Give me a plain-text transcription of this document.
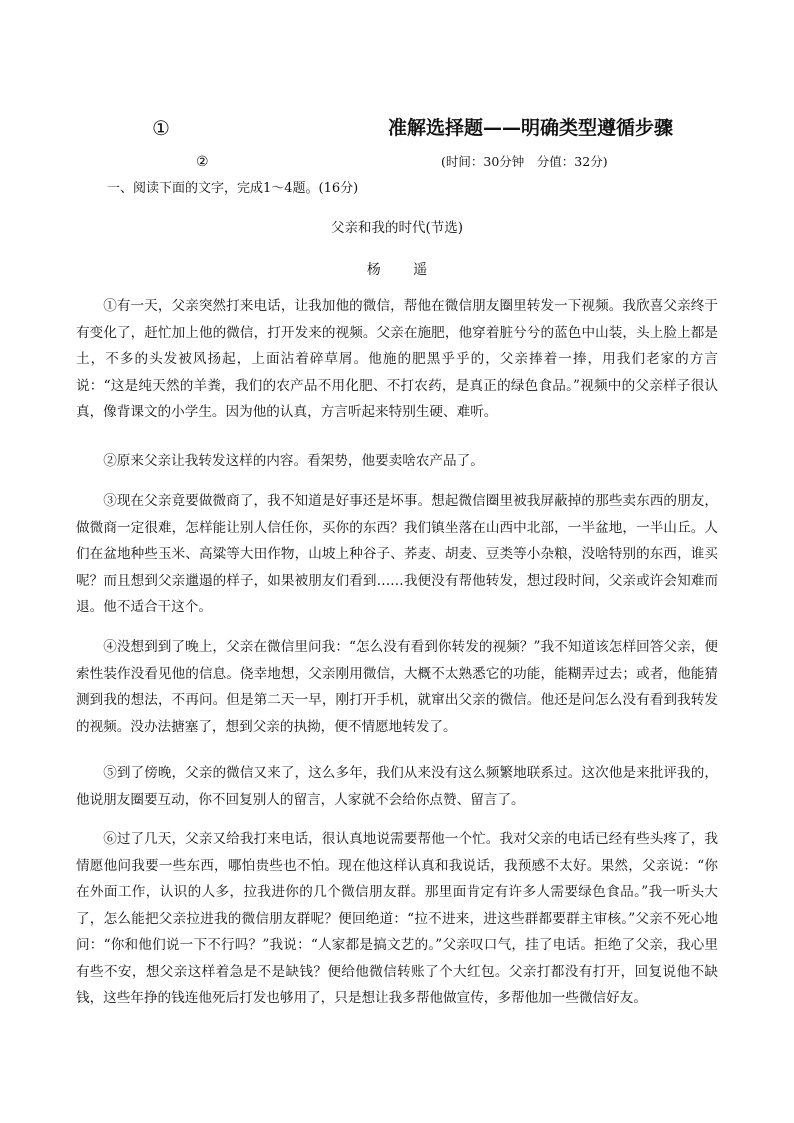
①	准解选择题——明确类型遵循步骤
②	(时间：30分钟　分值：32分)
一、阅读下面的文字，完成1～4题。(16分)
父亲和我的时代(节选)
杨 遥

①有一天，父亲突然打来电话，让我加他的微信，帮他在微信朋友圈里转发一下视频。我欣喜父亲终于有变化了，赶忙加上他的微信，打开发来的视频。父亲在施肥，他穿着脏兮兮的蓝色中山装，头上脸上都是土，不多的头发被风扬起，上面沾着碎草屑。他施的肥黑乎乎的，父亲捧着一捧，用我们老家的方言说：“这是纯天然的羊粪，我们的农产品不用化肥、不打农药，是真正的绿色食品。”视频中的父亲样子很认真，像背课文的小学生。因为他的认真，方言听起来特别生硬、难听。

②原来父亲让我转发这样的内容。看架势，他要卖啥农产品了。

③现在父亲竟要做微商了，我不知道是好事还是坏事。想起微信圈里被我屏蔽掉的那些卖东西的朋友，做微商一定很难，怎样能让别人信任你，买你的东西？我们镇坐落在山西中北部，一半盆地，一半山丘。人们在盆地种些玉米、高粱等大田作物，山坡上种谷子、荞麦、胡麦、豆类等小杂粮，没啥特别的东西，谁买呢？而且想到父亲邋遢的样子，如果被朋友们看到……我便没有帮他转发，想过段时间，父亲或许会知难而退。他不适合干这个。

④没想到到了晚上，父亲在微信里问我：“怎么没有看到你转发的视频？”我不知道该怎样回答父亲，便索性装作没看见他的信息。侥幸地想，父亲刚用微信，大概不太熟悉它的功能，能糊弄过去；或者，他能猜测到我的想法，不再问。但是第二天一早，刚打开手机，就窜出父亲的微信。他还是问怎么没有看到我转发的视频。没办法搪塞了，想到父亲的执拗，便不情愿地转发了。

⑤到了傍晚，父亲的微信又来了，这么多年，我们从来没有这么频繁地联系过。这次他是来批评我的，他说朋友圈要互动，你不回复别人的留言，人家就不会给你点赞、留言了。

⑥过了几天，父亲又给我打来电话，很认真地说需要帮他一个忙。我对父亲的电话已经有些头疼了，我情愿他问我要一些东西，哪怕贵些也不怕。现在他这样认真和我说话，我预感不太好。果然，父亲说：“你在外面工作，认识的人多，拉我进你的几个微信朋友群。那里面肯定有许多人需要绿色食品。”我一听头大了，怎么能把父亲拉进我的微信朋友群呢？便回绝道：“拉不进来，进这些群都要群主审核。”父亲不死心地问：“你和他们说一下不行吗？”我说：“人家都是搞文艺的。”父亲叹口气，挂了电话。拒绝了父亲，我心里有些不安，想父亲这样着急是不是缺钱？便给他微信转账了个大红包。父亲打都没有打开，回复说他不缺钱，这些年挣的钱连他死后打发也够用了，只是想让我多帮他做宣传，多帮他加一些微信好友。
